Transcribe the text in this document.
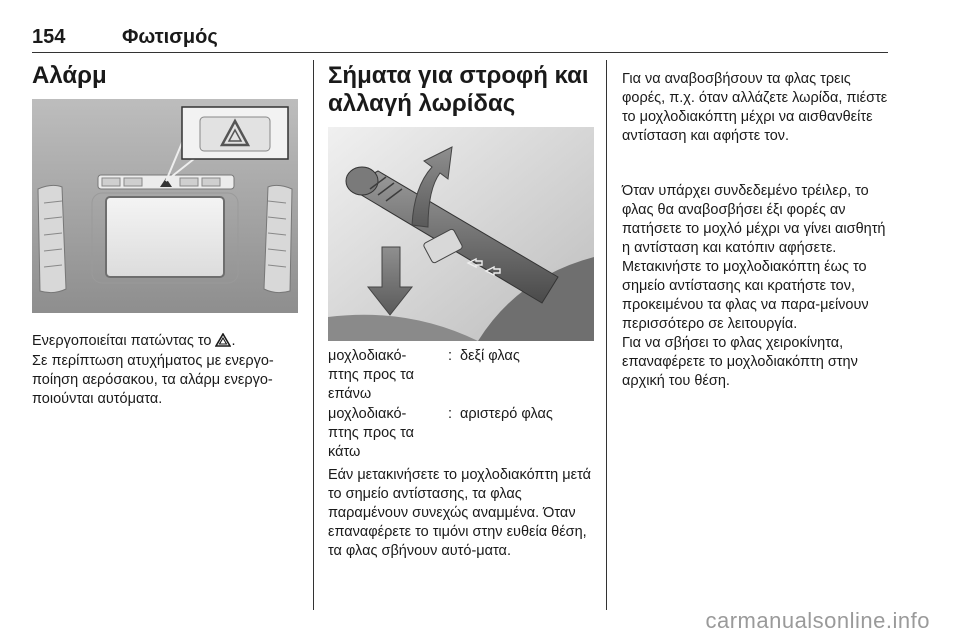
154	Φωτισμός
Αλάρμ

Ενεργοποιείται πατώντας το .

Σε περίπτωση ατυχήματος με ενεργο-ποίηση αερόσακου, τα αλάρμ ενεργο-ποιούνται αυτόματα.

Σήματα για στροφή και
αλλαγή λωρίδας
μοχλοδιακό-πτης προς τα επάνω
: δεξί φλας
μοχλοδιακό-πτης προς τα κάτω
: αριστερό φλας

Εάν μετακινήσετε το μοχλοδιακόπτη μετά το σημείο αντίστασης, τα φλας παραμένουν συνεχώς αναμμένα. Όταν επαναφέρετε το τιμόνι στην ευθεία θέση, τα φλας σβήνουν αυτό-ματα.

Για να αναβοσβήσουν τα φλας τρεις φορές, π.χ. όταν αλλάζετε λωρίδα, πιέστε το μοχλοδιακόπτη μέχρι να αισθανθείτε αντίσταση και αφήστε τον.

Όταν υπάρχει συνδεδεμένο τρέιλερ, το φλας θα αναβοσβήσει έξι φορές αν πατήσετε το μοχλό μέχρι να γίνει αισθητή η αντίσταση και κατόπιν αφήσετε.

Μετακινήστε το μοχλοδιακόπτη έως το σημείο αντίστασης και κρατήστε τον, προκειμένου τα φλας να παρα-μείνουν περισσότερο σε λειτουργία.

Για να σβήσει το φλας χειροκίνητα, επαναφέρετε το μοχλοδιακόπτη στην αρχική του θέση.

carmanualsonline.info
